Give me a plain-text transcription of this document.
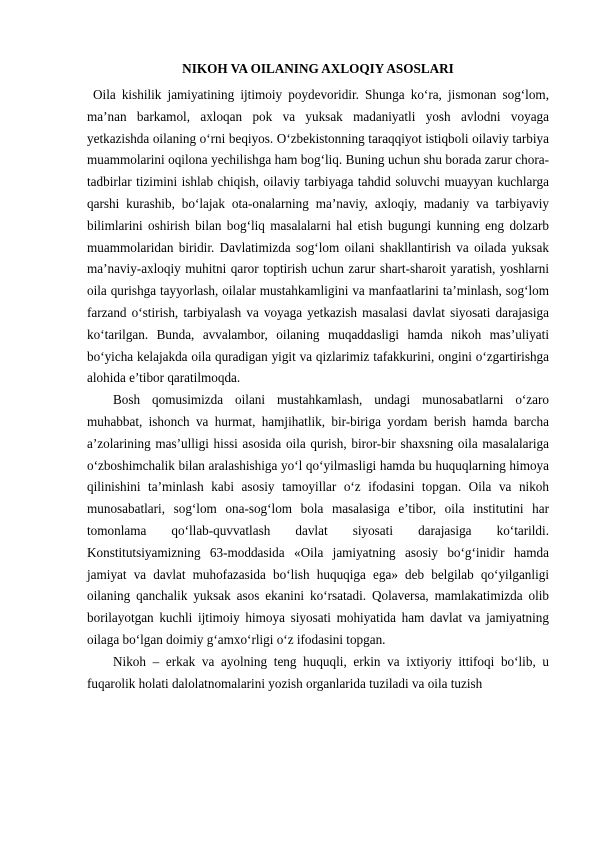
NIKOH VA OILANING AXLOQIY ASOSLARI

Oila kishilik jamiyatining ijtimoiy poydevoridir. Shunga ko‘ra, jismonan sog‘lom, ma’nan barkamol, axloqan pok va yuksak madaniyatli yosh avlodni voyaga yetkazishda oilaning o‘rni beqiyos. O‘zbekistonning taraqqiyot istiqboli oilaviy tarbiya muammolarini oqilona yechilishga ham bog‘liq. Buning uchun shu borada zarur chora-tadbirlar tizimini ishlab chiqish, oilaviy tarbiyaga tahdid soluvchi muayyan kuchlarga qarshi kurashib, bo‘lajak ota-onalarning ma’naviy, axloqiy, madaniy va tarbiyaviy bilimlarini oshirish bilan bog‘liq masalalarni hal etish bugungi kunning eng dolzarb muammolaridan biridir. Davlatimizda sog‘lom oilani shakllantirish va oilada yuksak ma’naviy-axloqiy muhitni qaror toptirish uchun zarur shart-sharoit yaratish, yoshlarni oila qurishga tayyorlash, oilalar mustahkamligini va manfaatlarini ta’minlash, sog‘lom farzand o‘stirish, tarbiyalash va voyaga yetkazish masalasi davlat siyosati darajasiga ko‘tarilgan. Bunda, avvalambor, oilaning muqaddasligi hamda nikoh mas’uliyati bo‘yicha kelajakda oila quradigan yigit va qizlarimiz tafakkurini, ongini o‘zgartirishga alohida e’tibor qaratilmoqda.

Bosh qomusimizda oilani mustahkamlash, undagi munosabatlarni o‘zaro muhabbat, ishonch va hurmat, hamjihatlik, bir-biriga yordam berish hamda barcha a’zolarining mas’ulligi hissi asosida oila qurish, biror-bir shaxsning oila masalalariga o‘zboshimchalik bilan aralashishiga yo‘l qo‘yilmasligi hamda bu huquqlarning himoya qilinishini ta’minlash kabi asosiy tamoyillar o‘z ifodasini topgan. Oila va nikoh munosabatlari, sog‘lom ona-sog‘lom bola masalasiga e’tibor, oila institutini har tomonlama qo‘llab-quvvatlash davlat siyosati darajasiga ko‘tarildi. Konstitutsiyamizning 63-moddasida «Oila jamiyatning asosiy bo‘g‘inidir hamda jamiyat va davlat muhofazasida bo‘lish huquqiga ega» deb belgilab qo‘yilganligi oilaning qanchalik yuksak asos ekanini ko‘rsatadi. Qolaversa, mamlakatimizda olib borilayotgan kuchli ijtimoiy himoya siyosati mohiyatida ham davlat va jamiyatning oilaga bo‘lgan doimiy g‘amxo‘rligi o‘z ifodasini topgan.

Nikoh – erkak va ayolning teng huquqli, erkin va ixtiyoriy ittifoqi bo‘lib, u fuqarolik holati dalolatnomalarini yozish organlarida tuziladi va oila tuzish
